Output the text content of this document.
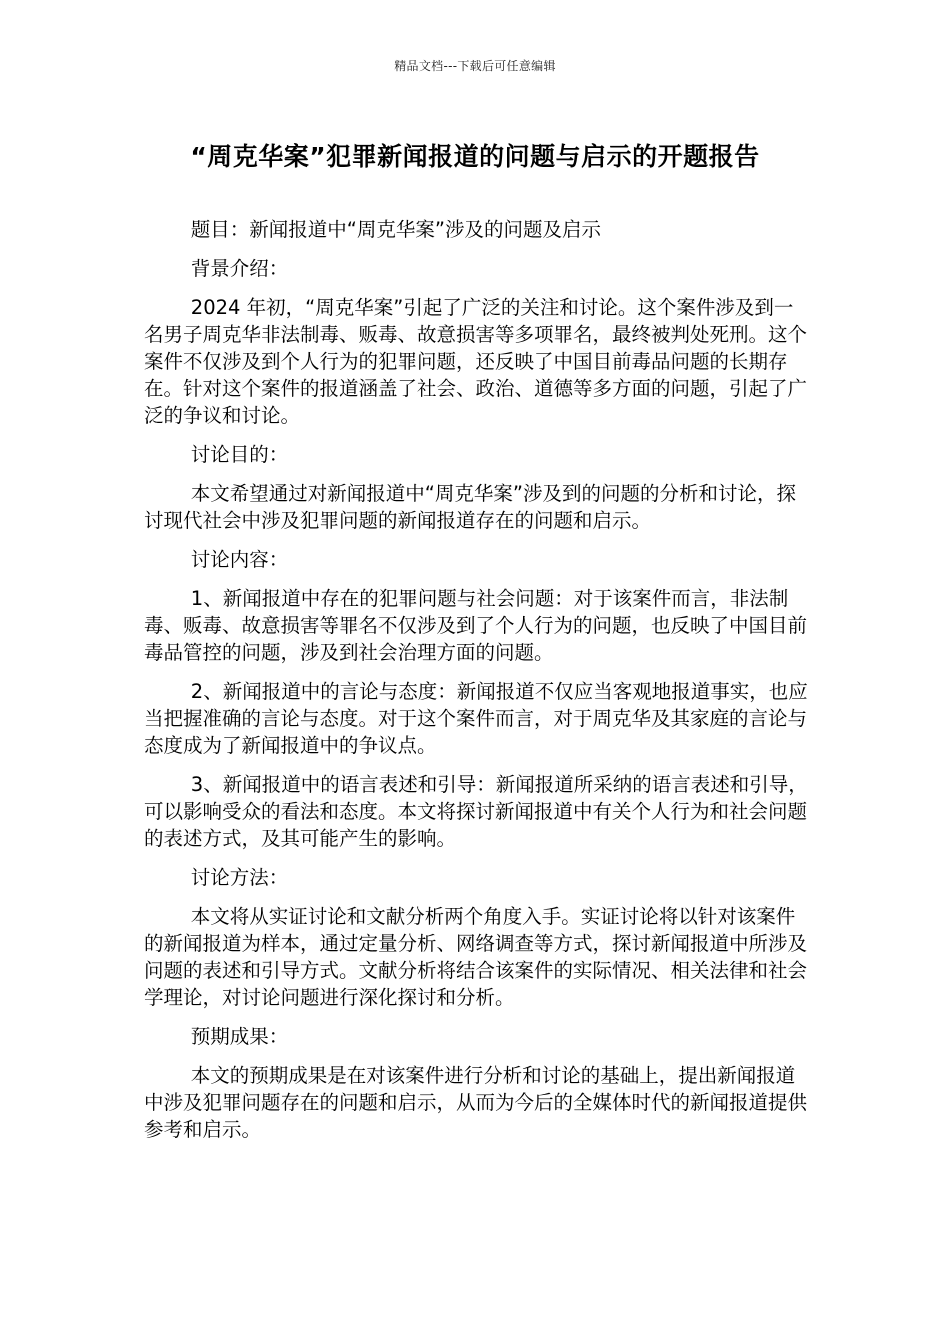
精品文档---下载后可任意编辑
“周克华案”犯罪新闻报道的问题与启示的开题报告

题目：新闻报道中“周克华案”涉及的问题及启示

背景介绍：

2024 年初，“周克华案”引起了广泛的关注和讨论。这个案件涉及到一名男子周克华非法制毒、贩毒、故意损害等多项罪名，最终被判处死刑。这个案件不仅涉及到个人行为的犯罪问题，还反映了中国目前毒品问题的长期存在。针对这个案件的报道涵盖了社会、政治、道德等多方面的问题，引起了广泛的争议和讨论。

讨论目的：

本文希望通过对新闻报道中“周克华案”涉及到的问题的分析和讨论，探讨现代社会中涉及犯罪问题的新闻报道存在的问题和启示。

讨论内容：

1、新闻报道中存在的犯罪问题与社会问题：对于该案件而言，非法制毒、贩毒、故意损害等罪名不仅涉及到了个人行为的问题，也反映了中国目前毒品管控的问题，涉及到社会治理方面的问题。

2、新闻报道中的言论与态度：新闻报道不仅应当客观地报道事实，也应当把握准确的言论与态度。对于这个案件而言，对于周克华及其家庭的言论与态度成为了新闻报道中的争议点。

3、新闻报道中的语言表述和引导：新闻报道所采纳的语言表述和引导，可以影响受众的看法和态度。本文将探讨新闻报道中有关个人行为和社会问题的表述方式，及其可能产生的影响。

讨论方法：

本文将从实证讨论和文献分析两个角度入手。实证讨论将以针对该案件的新闻报道为样本，通过定量分析、网络调查等方式，探讨新闻报道中所涉及问题的表述和引导方式。文献分析将结合该案件的实际情况、相关法律和社会学理论，对讨论问题进行深化探讨和分析。

预期成果：

本文的预期成果是在对该案件进行分析和讨论的基础上，提出新闻报道中涉及犯罪问题存在的问题和启示，从而为今后的全媒体时代的新闻报道提供参考和启示。
